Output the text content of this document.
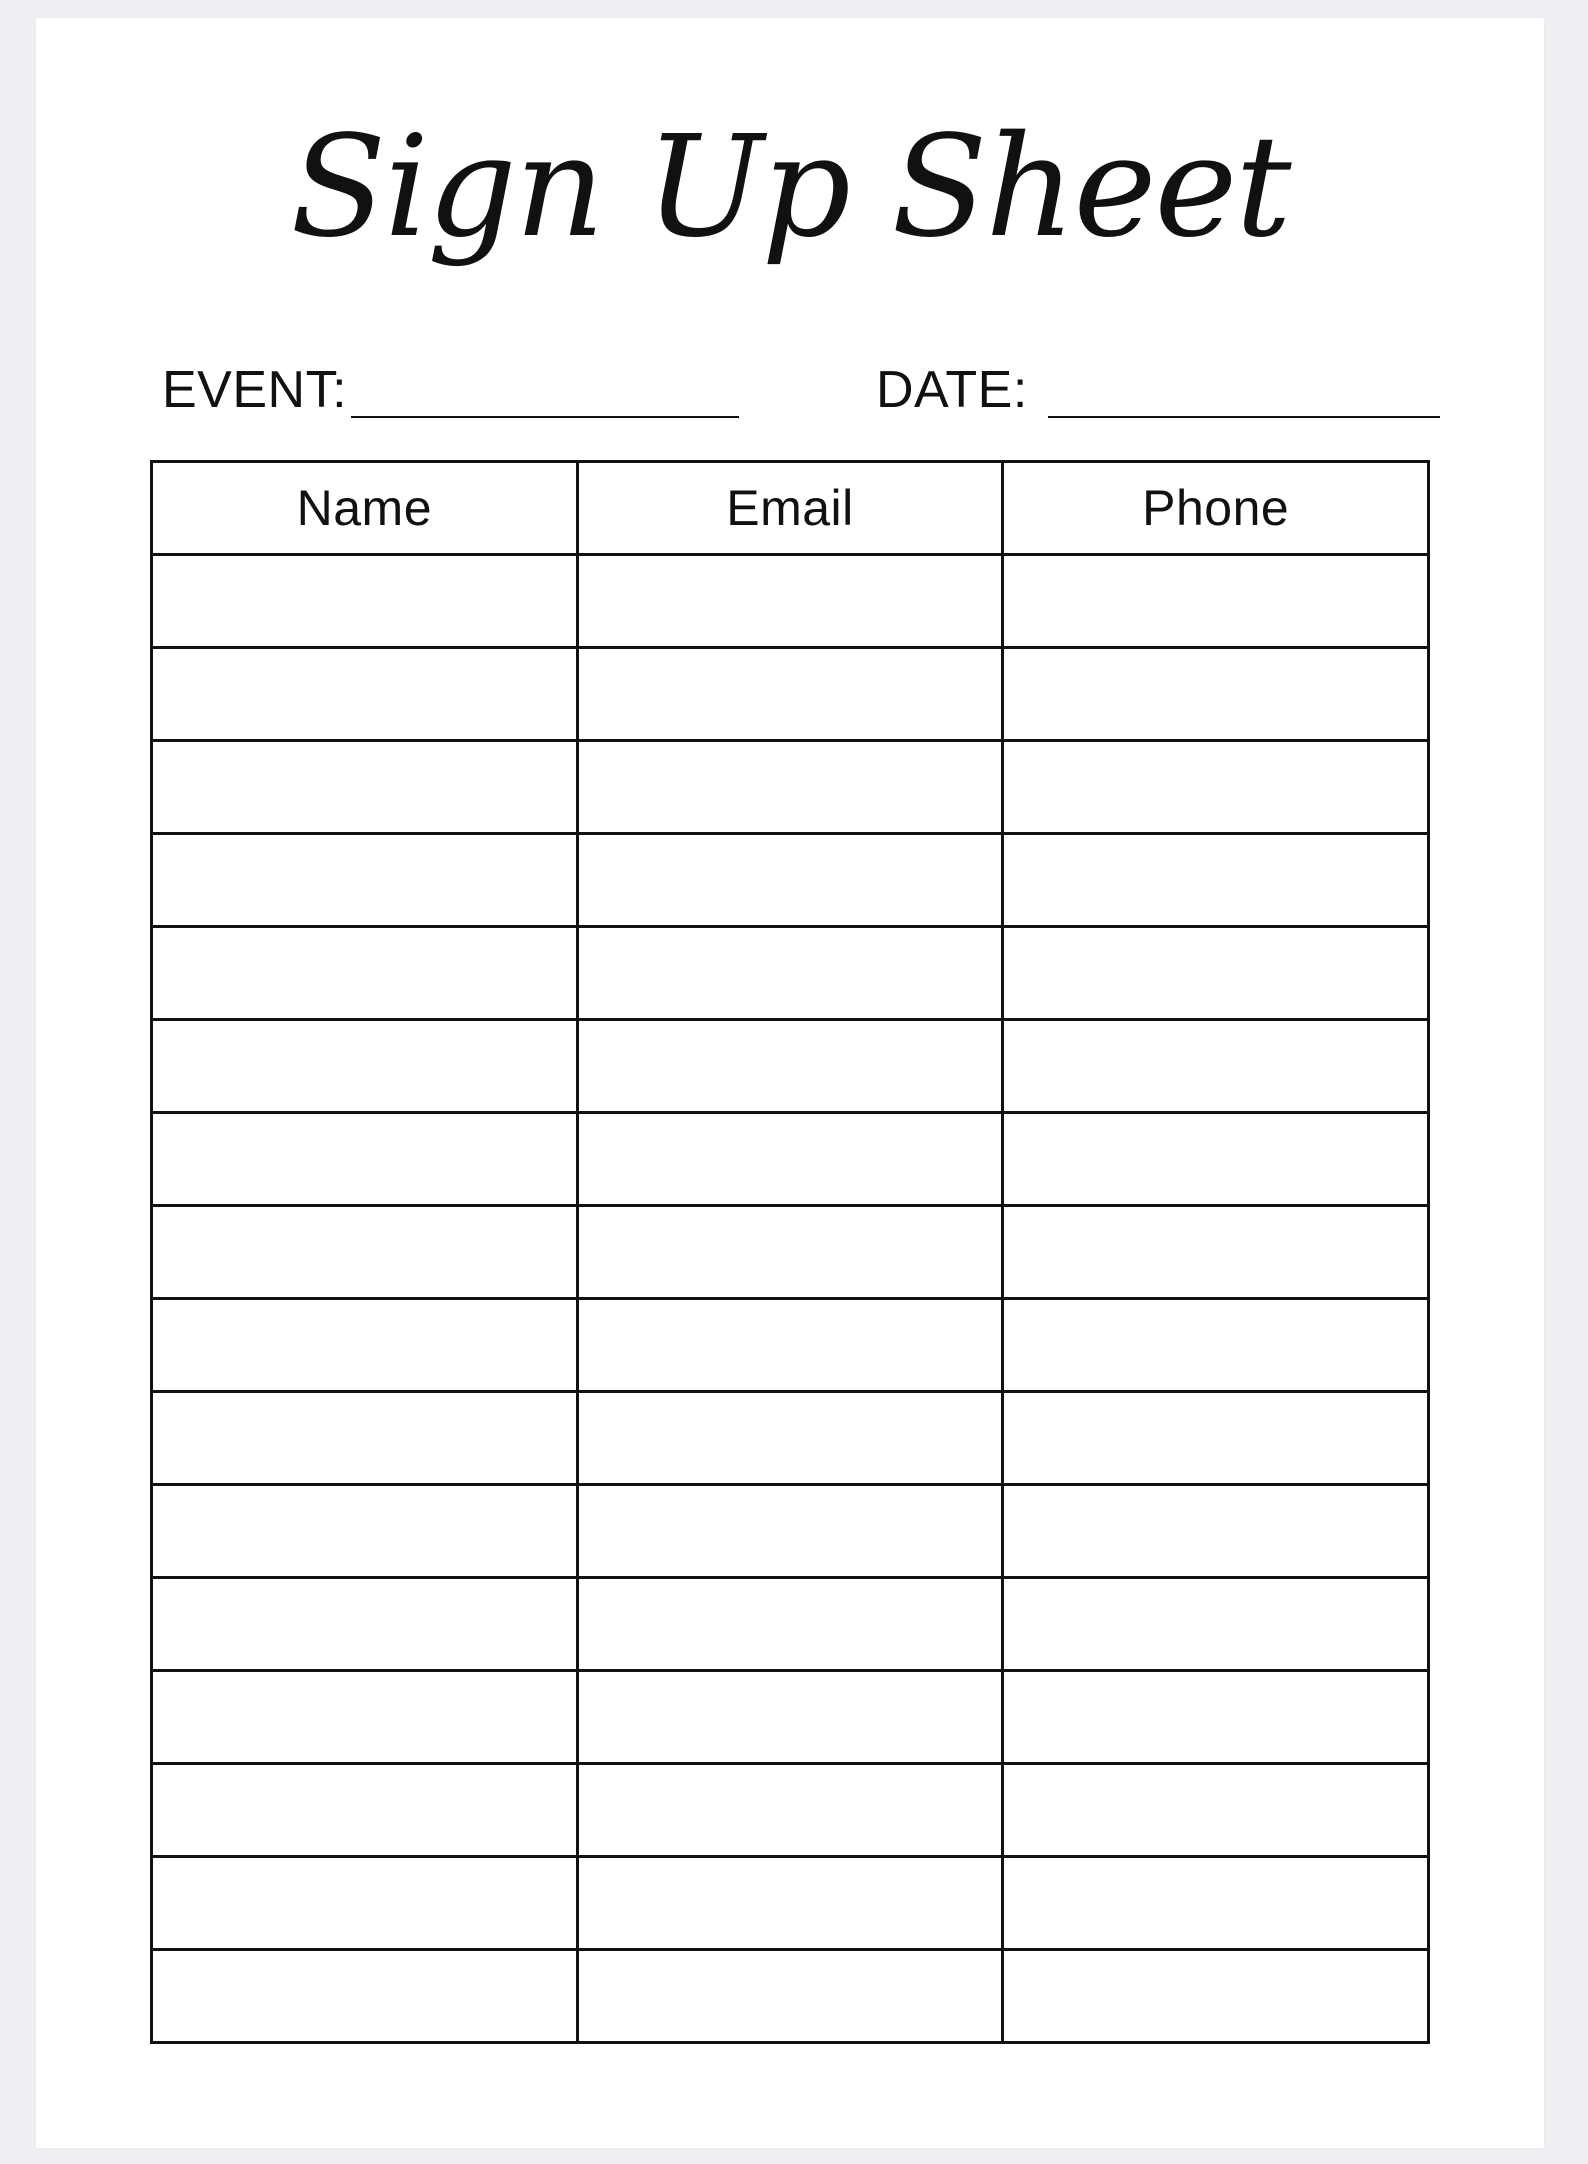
Sign Up Sheet
EVENT:	DATE:
Name	Email	Phone
